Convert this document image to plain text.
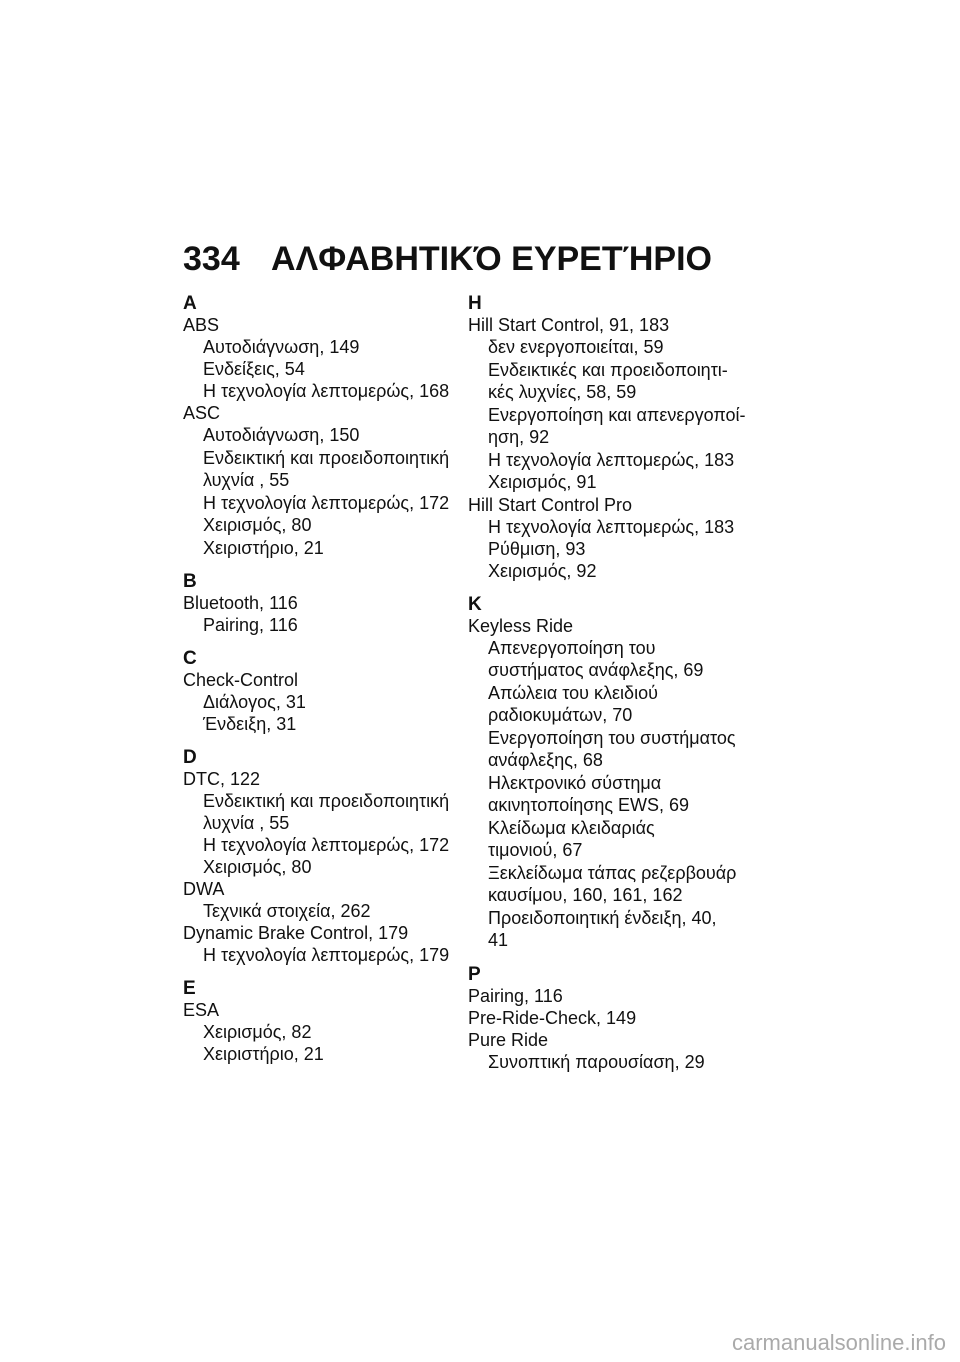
334 ΑΛΦΑΒΗΤΙΚΌ ΕΥΡΕΤΉΡΙΟ
A
ABS
Αυτοδιάγνωση, 149
Ενδείξεις, 54
Η τεχνολογία λεπτομερώς, 168
ASC
Αυτοδιάγνωση, 150
Ενδεικτική και προειδοποιητική
λυχνία , 55
Η τεχνολογία λεπτομερώς, 172
Χειρισμός, 80
Χειριστήριο, 21
B
Bluetooth, 116
Pairing, 116
C
Check-Control
Διάλογος, 31
Ένδειξη, 31
D
DTC, 122
Ενδεικτική και προειδοποιητική
λυχνία , 55
Η τεχνολογία λεπτομερώς, 172
Χειρισμός, 80
DWA
Τεχνικά στοιχεία, 262
Dynamic Brake Control, 179
Η τεχνολογία λεπτομερώς, 179
E
ESA
Χειρισμός, 82
Χειριστήριο, 21
H
Hill Start Control, 91, 183
δεν ενεργοποιείται, 59
Ενδεικτικές και προειδοποιητι-
κές λυχνίες, 58, 59
Ενεργοποίηση και απενεργοποί-
ηση, 92
Η τεχνολογία λεπτομερώς, 183
Χειρισμός, 91
Hill Start Control Pro
Η τεχνολογία λεπτομερώς, 183
Ρύθμιση, 93
Χειρισμός, 92
K
Keyless Ride
Απενεργοποίηση του
συστήματος ανάφλεξης, 69
Απώλεια του κλειδιού
ραδιοκυμάτων, 70
Ενεργοποίηση του συστήματος
ανάφλεξης, 68
Ηλεκτρονικό σύστημα
ακινητοποίησης EWS, 69
Κλείδωμα κλειδαριάς
τιμονιού, 67
Ξεκλείδωμα τάπας ρεζερβουάρ
καυσίμου, 160, 161, 162
Προειδοποιητική ένδειξη, 40,
41
P
Pairing, 116
Pre-Ride-Check, 149
Pure Ride
Συνοπτική παρουσίαση, 29
carmanualsonline.info
